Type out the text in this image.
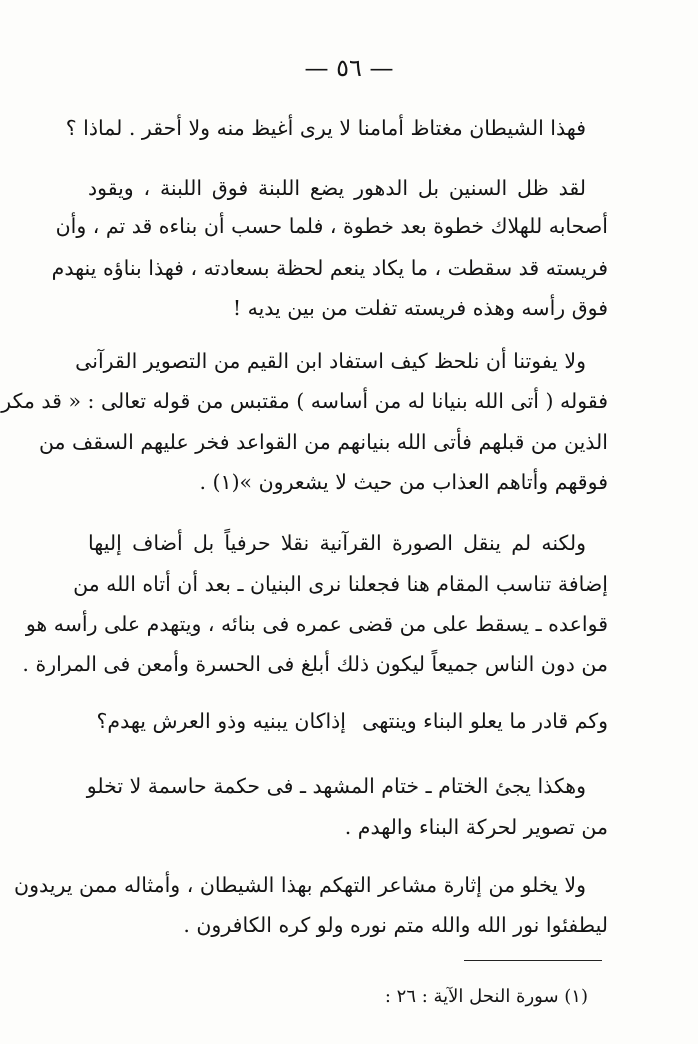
— ٥٦ —
فهذا الشيطان مغتاظ أمامنا لا يرى أغيظ منه ولا أحقر . لماذا ؟
لقد ظل السنين بل الدهور يضع اللبنة فوق اللبنة ، ويقود
أصحابه للهلاك خطوة بعد خطوة ، فلما حسب أن بناءه قد تم ، وأن
فريسته قد سقطت ، ما يكاد ينعم لحظة بسعادته ، فهذا بناؤه ينهدم
فوق رأسه وهذه فريسته تفلت من بين يديه !
ولا يفوتنا أن نلحظ كيف استفاد ابن القيم من التصوير القرآنى
فقوله ( أتى الله بنيانا له من أساسه ) مقتبس من قوله تعالى : « قد مكر
الذين من قبلهم فأتى الله بنيانهم من القواعد فخر عليهم السقف من
فوقهم وأتاهم العذاب من حيث لا يشعرون »(١) .
ولكنه لم ينقل الصورة القرآنية نقلا حرفياً بل أضاف إليها
إضافة تناسب المقام هنا فجعلنا نرى البنيان ـ بعد أن أتاه الله من
قواعده ـ يسقط على من قضى عمره فى بنائه ، ويتهدم على رأسه هو
من دون الناس جميعاً ليكون ذلك أبلغ فى الحسرة وأمعن فى المرارة .
وكم قادر ما يعلو البناء وينتهى
إذاكان يبنيه وذو العرش يهدم؟
وهكذا يجئ الختام ـ ختام المشهد ـ فى حكمة حاسمة لا تخلو
من تصوير لحركة البناء والهدم .
ولا يخلو من إثارة مشاعر التهكم بهذا الشيطان ، وأمثاله ممن يريدون
ليطفئوا نور الله والله متم نوره ولو كره الكافرون .
(١) سورة النحل الآية : ٢٦ :
